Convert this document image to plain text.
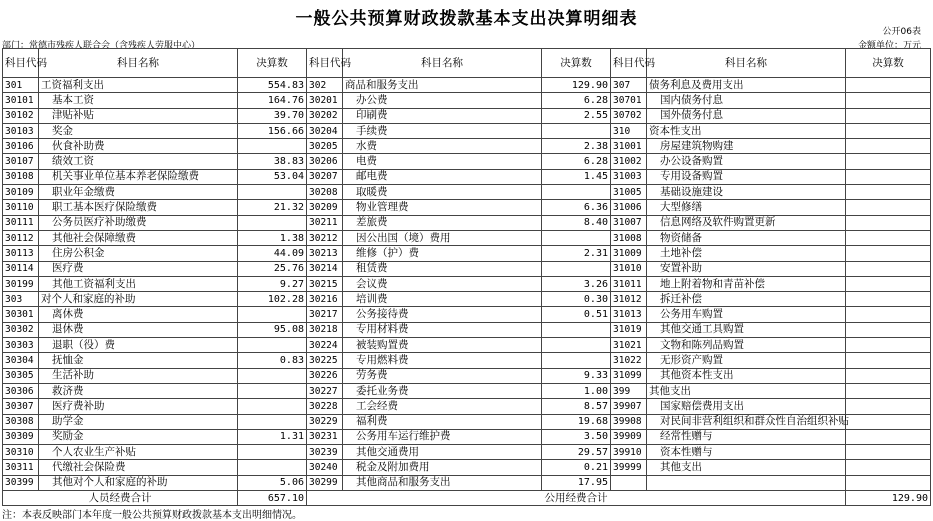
一般公共预算财政拨款基本支出决算明细表
公开06表
部门：常德市残疾人联合会（含残疾人劳服中心）	金额单位：万元
科目代码	科目名称	决算数	科目代码	科目名称	决算数	科目代码	科目名称	决算数
301	工资福利支出	554.83	302	商品和服务支出	129.90	307	债务利息及费用支出	
30101	基本工资	164.76	30201	办公费	6.28	30701	国内债务付息	
30102	津贴补贴	39.70	30202	印刷费	2.55	30702	国外债务付息	
30103	奖金	156.66	30204	手续费		310	资本性支出	
30106	伙食补助费		30205	水费	2.38	31001	房屋建筑物购建	
30107	绩效工资	38.83	30206	电费	6.28	31002	办公设备购置	
30108	机关事业单位基本养老保险缴费	53.04	30207	邮电费	1.45	31003	专用设备购置	
30109	职业年金缴费		30208	取暖费		31005	基础设施建设	
30110	职工基本医疗保险缴费	21.32	30209	物业管理费	6.36	31006	大型修缮	
30111	公务员医疗补助缴费		30211	差旅费	8.40	31007	信息网络及软件购置更新	
30112	其他社会保障缴费	1.38	30212	因公出国（境）费用		31008	物资储备	
30113	住房公积金	44.09	30213	维修（护）费	2.31	31009	土地补偿	
30114	医疗费	25.76	30214	租赁费		31010	安置补助	
30199	其他工资福利支出	9.27	30215	会议费	3.26	31011	地上附着物和青苗补偿	
303	对个人和家庭的补助	102.28	30216	培训费	0.30	31012	拆迁补偿	
30301	离休费		30217	公务接待费	0.51	31013	公务用车购置	
30302	退休费	95.08	30218	专用材料费		31019	其他交通工具购置	
30303	退职（役）费		30224	被装购置费		31021	文物和陈列品购置	
30304	抚恤金	0.83	30225	专用燃料费		31022	无形资产购置	
30305	生活补助		30226	劳务费	9.33	31099	其他资本性支出	
30306	救济费		30227	委托业务费	1.00	399	其他支出	
30307	医疗费补助		30228	工会经费	8.57	39907	国家赔偿费用支出	
30308	助学金		30229	福利费	19.68	39908	对民间非营利组织和群众性自治组织补贴	
30309	奖励金	1.31	30231	公务用车运行维护费	3.50	39909	经常性赠与	
30310	个人农业生产补贴		30239	其他交通费用	29.57	39910	资本性赠与	
30311	代缴社会保险费		30240	税金及附加费用	0.21	39999	其他支出	
30399	其他对个人和家庭的补助	5.06	30299	其他商品和服务支出	17.95			
人员经费合计		657.10	公用经费合计					129.90
注：本表反映部门本年度一般公共预算财政拨款基本支出明细情况。
